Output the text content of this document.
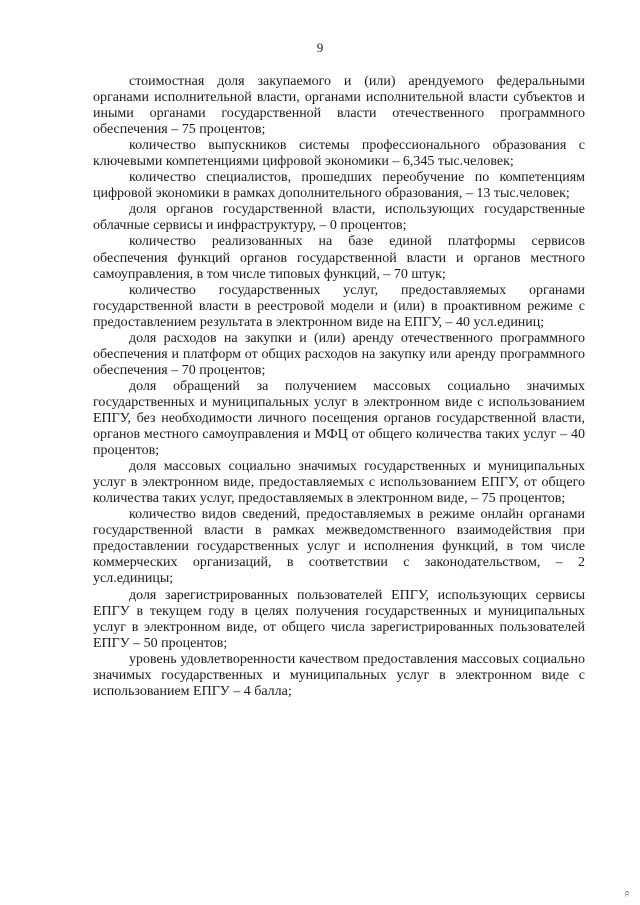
9

стоимостная доля закупаемого и (или) арендуемого федеральными органами исполнительной власти, органами исполнительной власти субъектов и иными органами государственной власти отечественного программного обеспечения – 75 процентов;

количество выпускников системы профессионального образования с ключевыми компетенциями цифровой экономики – 6,345 тыс.человек;

количество специалистов, прошедших переобучение по компетенциям цифровой экономики в рамках дополнительного образования, – 13 тыс.человек;

доля органов государственной власти, использующих государственные облачные сервисы и инфраструктуру, – 0 процентов;

количество реализованных на базе единой платформы сервисов обеспечения функций органов государственной власти и органов местного самоуправления, в том числе типовых функций, – 70 штук;

количество государственных услуг, предоставляемых органами государственной власти в реестровой модели и (или) в проактивном режиме с предоставлением результата в электронном виде на ЕПГУ, – 40 усл.единиц;

доля расходов на закупки и (или) аренду отечественного программного обеспечения и платформ от общих расходов на закупку или аренду программного обеспечения – 70 процентов;

доля обращений за получением массовых социально значимых государственных и муниципальных услуг в электронном виде с использованием ЕПГУ, без необходимости личного посещения органов государственной власти, органов местного самоуправления и МФЦ от общего количества таких услуг – 40 процентов;

доля массовых социально значимых государственных и муниципальных услуг в электронном виде, предоставляемых с использованием ЕПГУ, от общего количества таких услуг, предоставляемых в электронном виде, – 75 процентов;

количество видов сведений, предоставляемых в режиме онлайн органами государственной власти в рамках межведомственного взаимодействия при предоставлении государственных услуг и исполнения функций, в том числе коммерческих организаций, в соответствии с законодательством, – 2 усл.единицы;

доля зарегистрированных пользователей ЕПГУ, использующих сервисы ЕПГУ в текущем году в целях получения государственных и муниципальных услуг в электронном виде, от общего числа зарегистрированных пользователей ЕПГУ – 50 процентов;

уровень удовлетворенности качеством предоставления массовых социально значимых государственных и муниципальных услуг в электронном виде с использованием ЕПГУ – 4 балла;

o.
